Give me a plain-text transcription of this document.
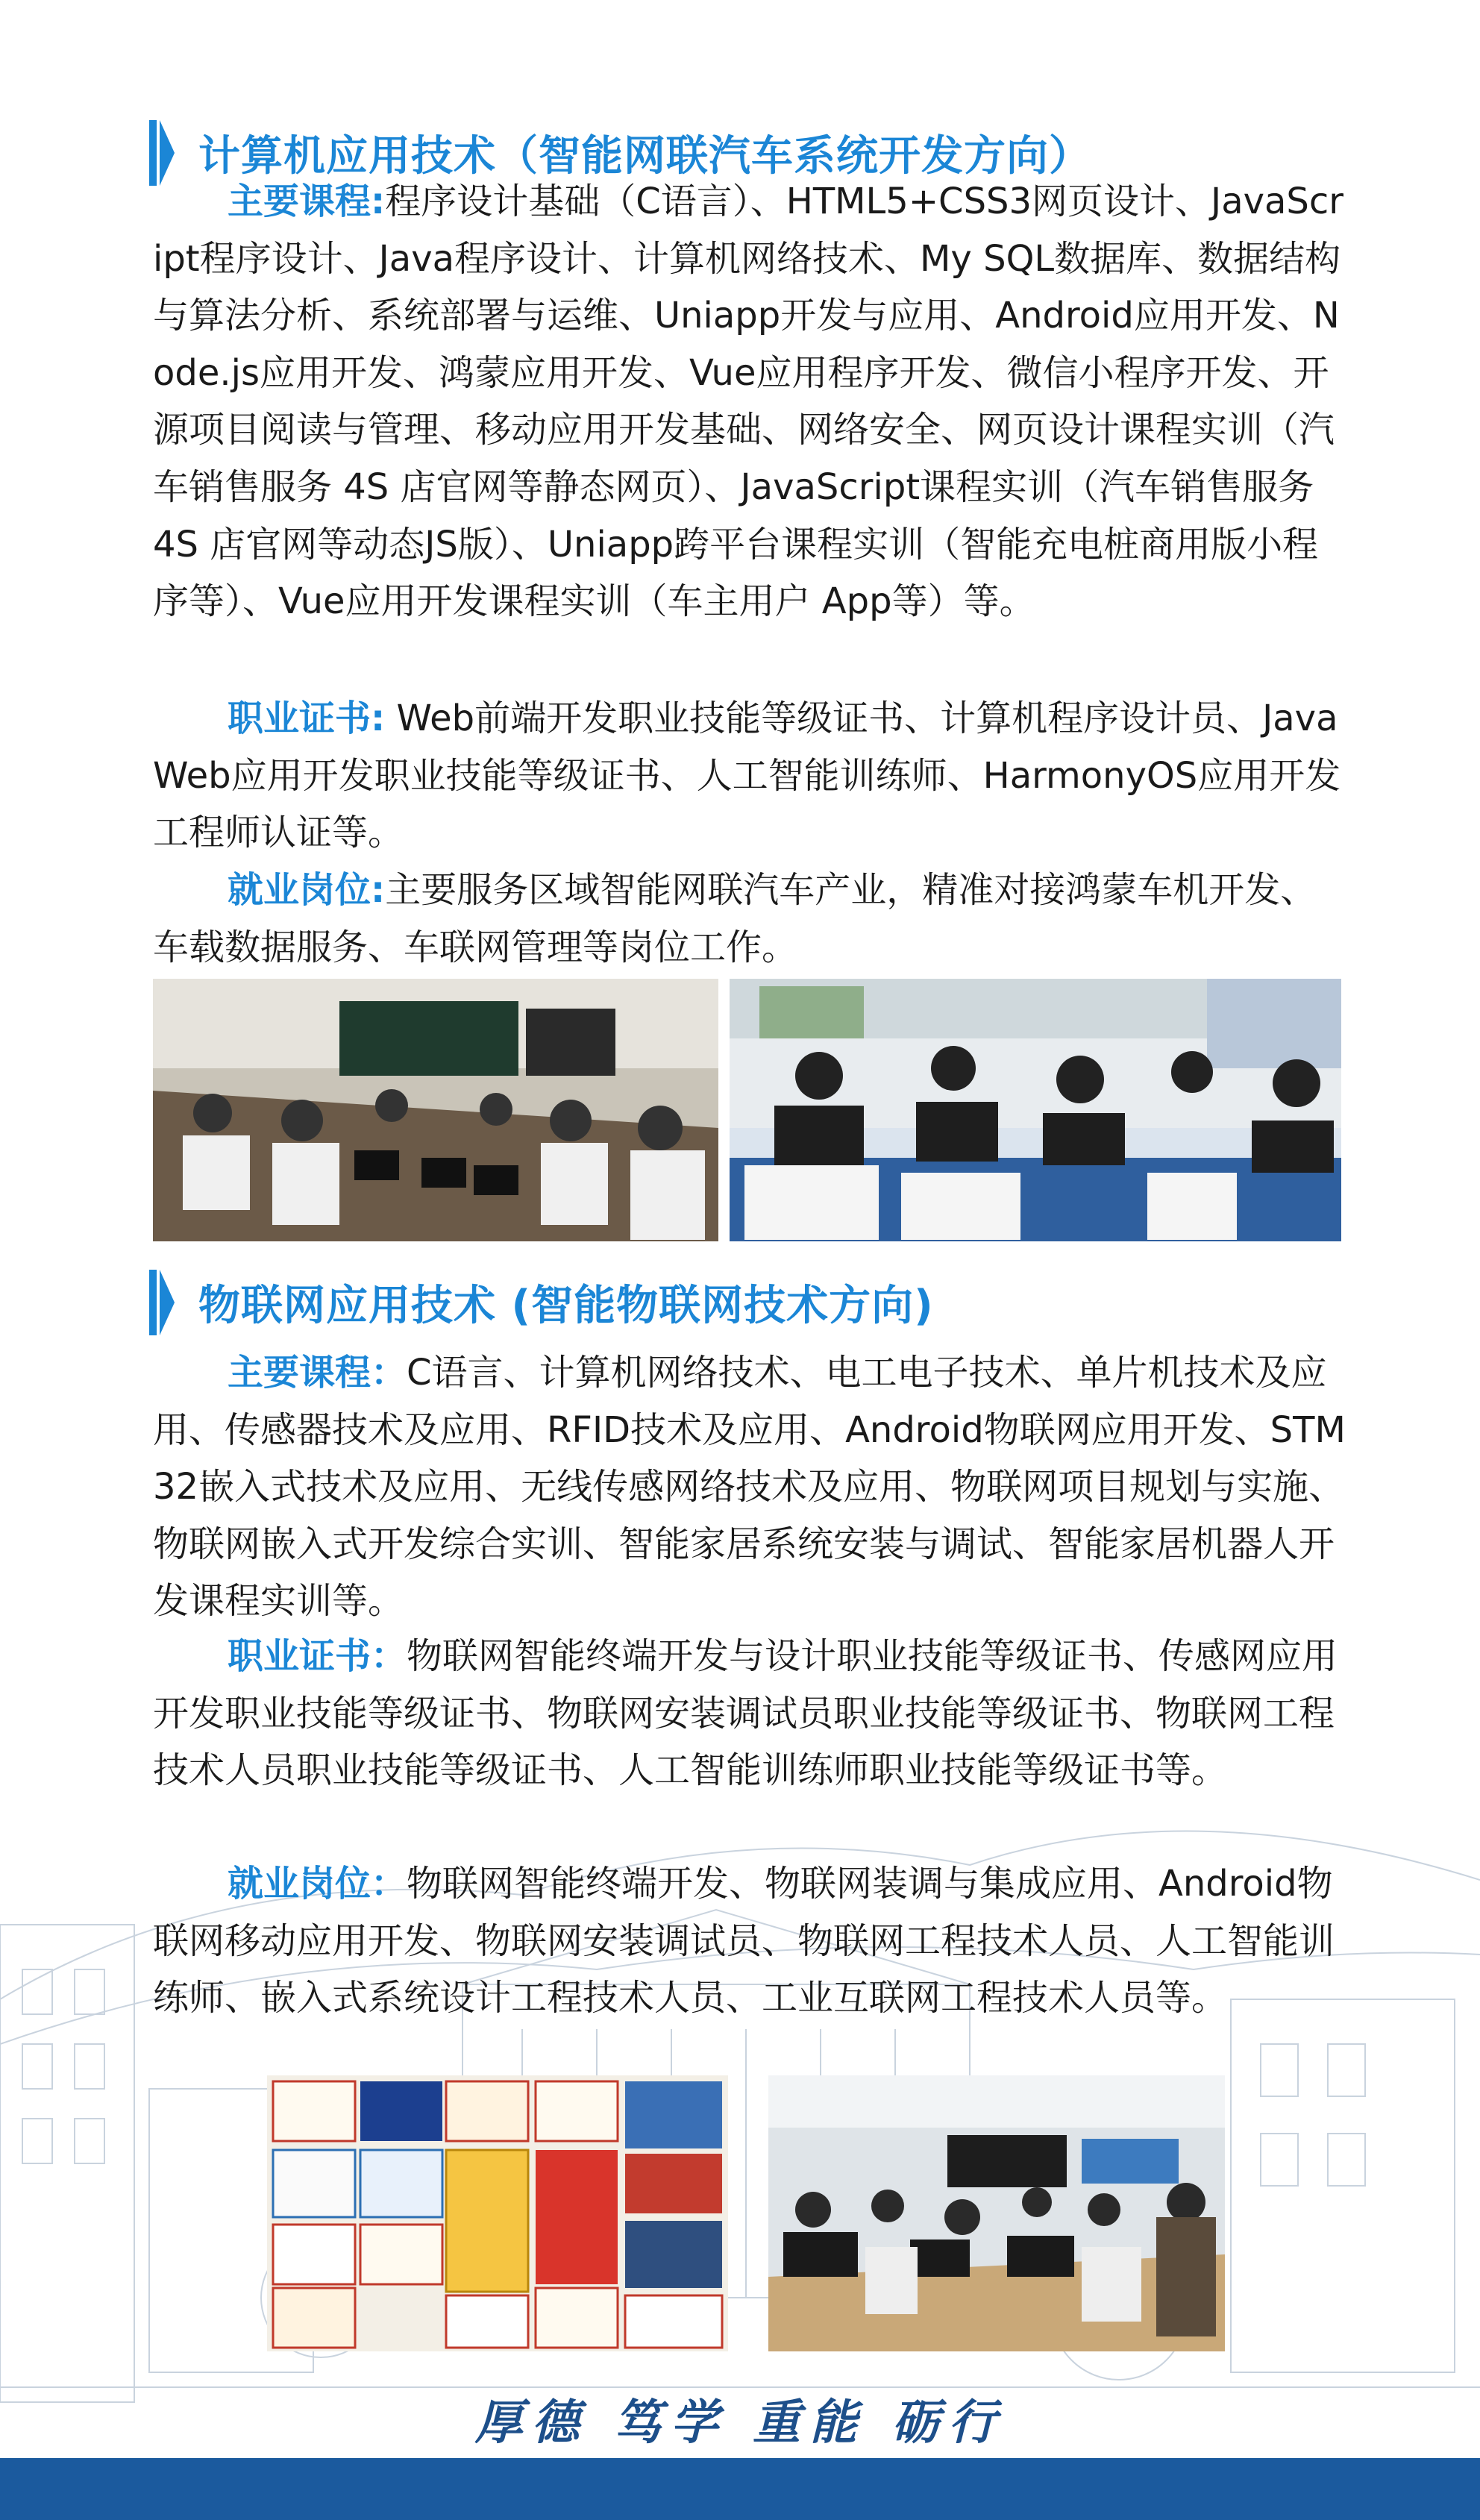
计算机应用技术（智能网联汽车系统开发方向）

主要课程:程序设计基础（C语言）、HTML5+CSS3网页设计、JavaScript程序设计、Java程序设计、计算机网络技术、My SQL数据库、数据结构与算法分析、系统部署与运维、Uniapp开发与应用、Android应用开发、Node.js应用开发、鸿蒙应用开发、Vue应用程序开发、微信小程序开发、开源项目阅读与管理、移动应用开发基础、网络安全、网页设计课程实训（汽车销售服务 4S 店官网等静态网页）、JavaScript课程实训（汽车销售服务 4S 店官网等动态JS版）、Uniapp跨平台课程实训（智能充电桩商用版小程序等）、Vue应用开发课程实训（车主用户 App等）等。

职业证书: Web前端开发职业技能等级证书、计算机程序设计员、Java Web应用开发职业技能等级证书、人工智能训练师、HarmonyOS应用开发工程师认证等。

就业岗位:主要服务区域智能网联汽车产业，精准对接鸿蒙车机开发、车载数据服务、车联网管理等岗位工作。

物联网应用技术 (智能物联网技术方向)

主要课程：C语言、计算机网络技术、电工电子技术、单片机技术及应用、传感器技术及应用、RFID技术及应用、Android物联网应用开发、STM32嵌入式技术及应用、无线传感网络技术及应用、物联网项目规划与实施、物联网嵌入式开发综合实训、智能家居系统安装与调试、智能家居机器人开发课程实训等。

职业证书：物联网智能终端开发与设计职业技能等级证书、传感网应用开发职业技能等级证书、物联网安装调试员职业技能等级证书、物联网工程技术人员职业技能等级证书、人工智能训练师职业技能等级证书等。

就业岗位：物联网智能终端开发、物联网装调与集成应用、Android物联网移动应用开发、物联网安装调试员、物联网工程技术人员、人工智能训练师、嵌入式系统设计工程技术人员、工业互联网工程技术人员等。

厚德 笃学 重能 砺行
